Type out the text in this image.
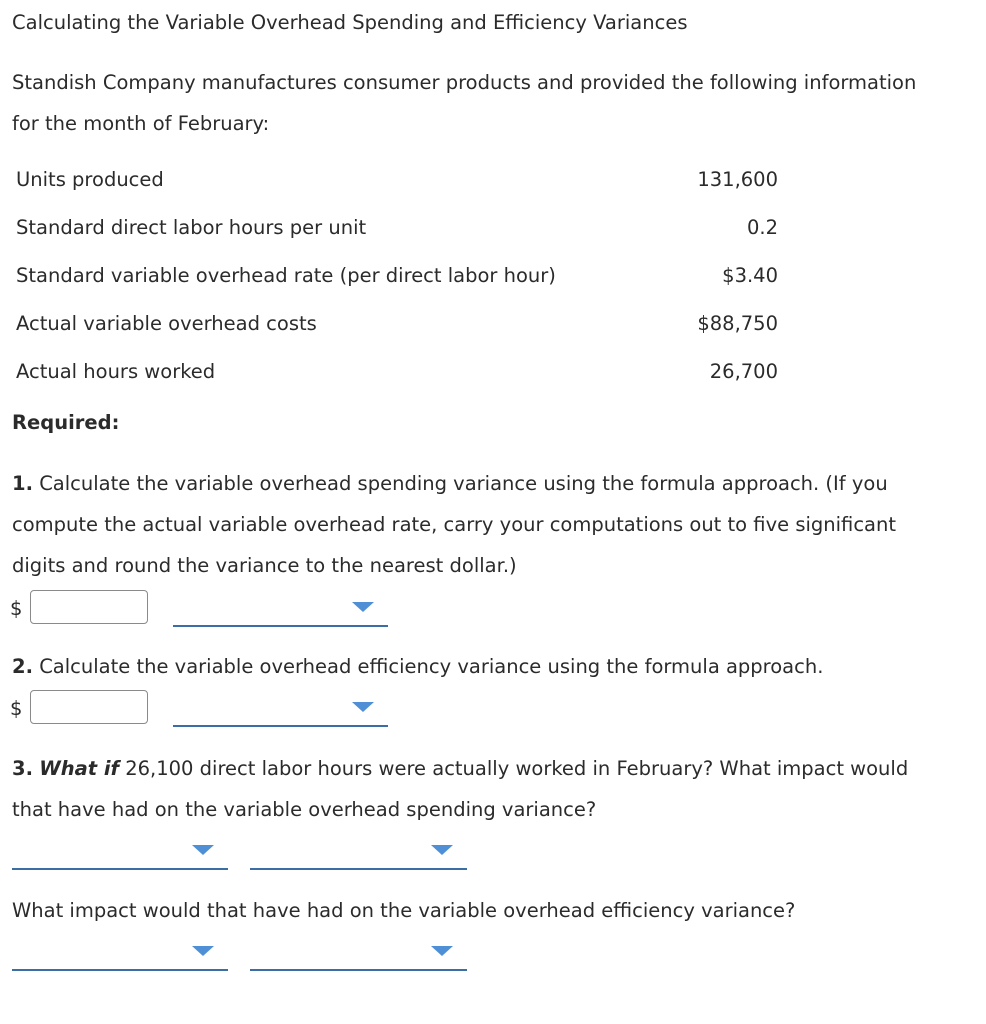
Calculating the Variable Overhead Spending and Efficiency Variances
Standish Company manufactures consumer products and provided the following information
for the month of February:
Units produced	131,600
Standard direct labor hours per unit	0.2
Standard variable overhead rate (per direct labor hour)	$3.40
Actual variable overhead costs	$88,750
Actual hours worked	26,700
Required:
1. Calculate the variable overhead spending variance using the formula approach. (If you
compute the actual variable overhead rate, carry your computations out to five significant
digits and round the variance to the nearest dollar.)
$
2. Calculate the variable overhead efficiency variance using the formula approach.
$
3. What if 26,100 direct labor hours were actually worked in February? What impact would
that have had on the variable overhead spending variance?
What impact would that have had on the variable overhead efficiency variance?
